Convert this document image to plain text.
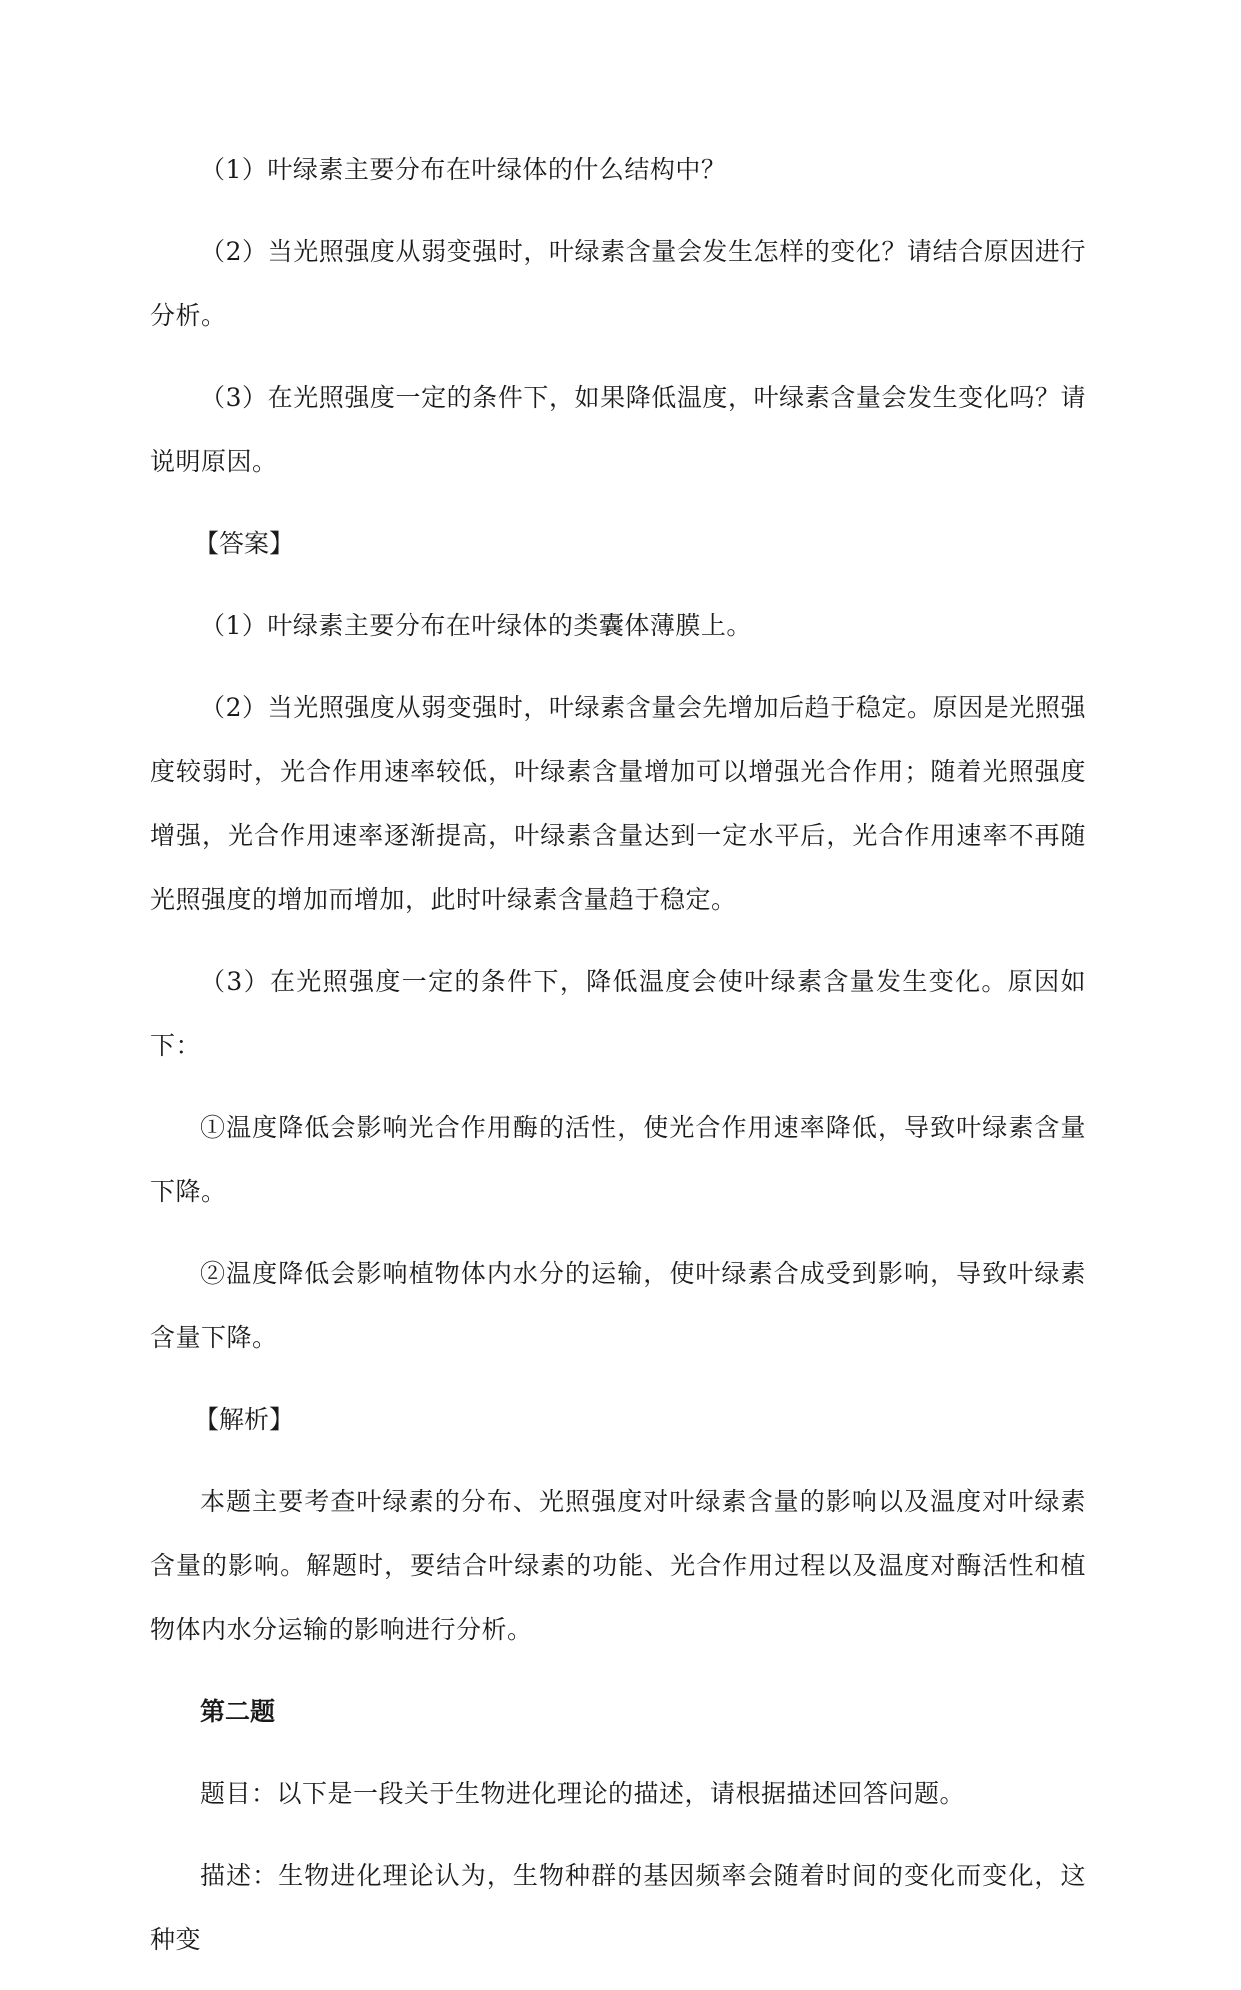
（1）叶绿素主要分布在叶绿体的什么结构中？

（2）当光照强度从弱变强时，叶绿素含量会发生怎样的变化？请结合原因进行分析。

（3）在光照强度一定的条件下，如果降低温度，叶绿素含量会发生变化吗？请说明原因。

【答案】

（1）叶绿素主要分布在叶绿体的类囊体薄膜上。

（2）当光照强度从弱变强时，叶绿素含量会先增加后趋于稳定。原因是光照强度较弱时，光合作用速率较低，叶绿素含量增加可以增强光合作用；随着光照强度增强，光合作用速率逐渐提高，叶绿素含量达到一定水平后，光合作用速率不再随光照强度的增加而增加，此时叶绿素含量趋于稳定。

（3）在光照强度一定的条件下，降低温度会使叶绿素含量发生变化。原因如下：

①温度降低会影响光合作用酶的活性，使光合作用速率降低，导致叶绿素含量下降。

②温度降低会影响植物体内水分的运输，使叶绿素合成受到影响，导致叶绿素含量下降。

【解析】

本题主要考查叶绿素的分布、光照强度对叶绿素含量的影响以及温度对叶绿素含量的影响。解题时，要结合叶绿素的功能、光合作用过程以及温度对酶活性和植物体内水分运输的影响进行分析。

第二题

题目：以下是一段关于生物进化理论的描述，请根据描述回答问题。

描述：生物进化理论认为，生物种群的基因频率会随着时间的变化而变化，这种变
